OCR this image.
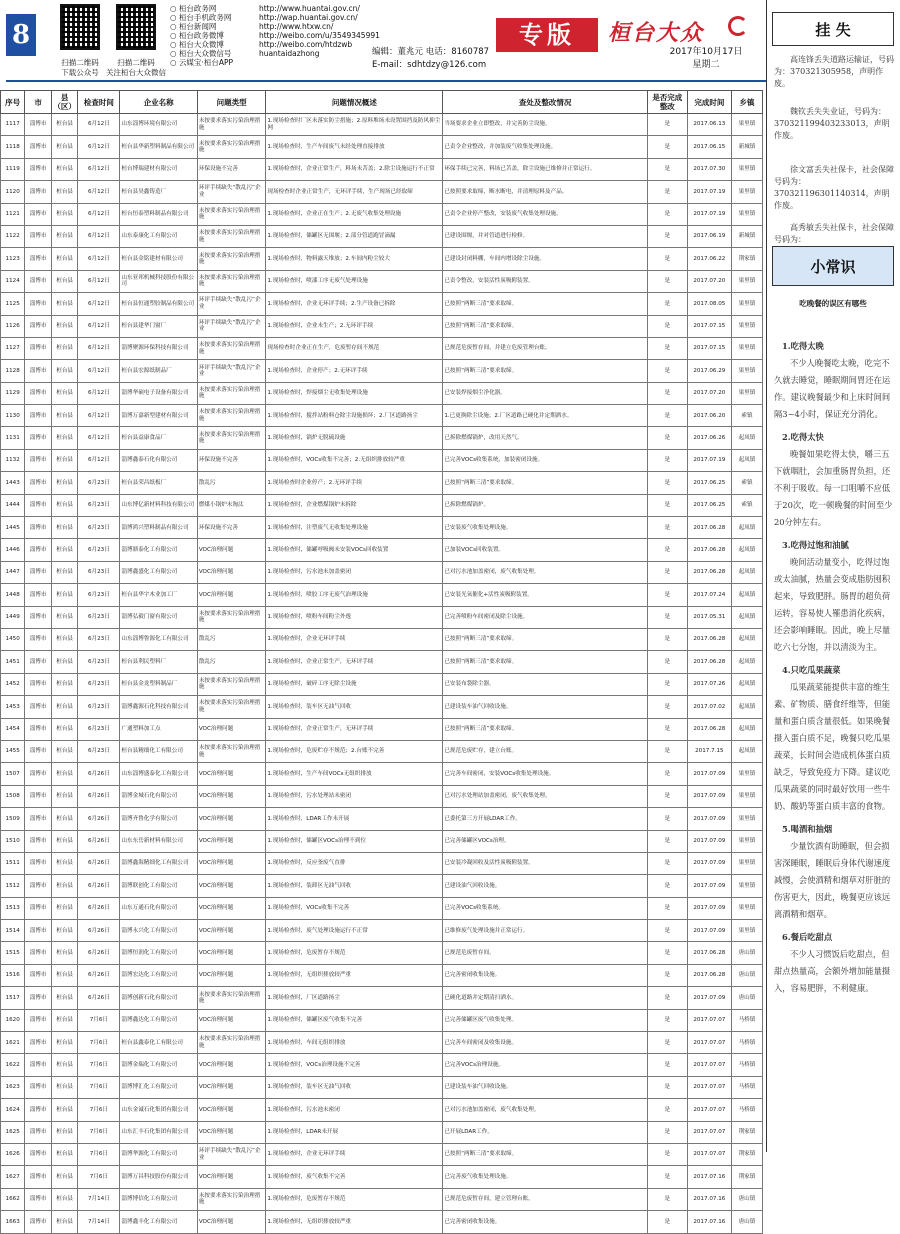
8
扫描二维码
下载公众号
扫描二维码
关注桓台大众微信
○ 桓台政务网	http://www.huantai.gov.cn/
○ 桓台手机政务网	http://wap.huantai.gov.cn/
○ 桓台新闻网	http://www.htxw.cn/
○ 桓台政务微博	http://weibo.com/u/3549345991
○ 桓台大众微博	http://weibo.com/htdzwb
○ 桓台大众微信号	huantaidazhong
○ 云媒宝·桓台APP
编辑：董兆元 电话：8160787
E-mail：sdhtdzy@126.com
专版	桓台大众
2017年10月17日
星期二
序号	市	县（区）	检查时间	企业名称	问题类型	问题情况概述	查处及整改情况	是否完成整改	完成时间	乡镇
1117	淄博市	桓台县	6月12日	山东淄博环境有限公司	未按要求落实污染治理措施	1.现场检查时厂区未落实防尘措施；2.原料堆场未设置围挡及防风抑尘网	当场要求企业立即整改，并完善防尘设施。	是	2017.06.13	果里镇
1118	淄博市	桓台县	6月12日	桓台县华新塑料制品有限公司	未按要求落实污染治理措施	1.现场检查时，生产车间废气未经处理直接排放	已责令企业整改，并加装废气收集处理设施。	是	2017.06.15	新城镇
1119	淄博市	桓台县	6月12日	桓台博瑞建材有限公司	环保设施不完善	1.现场检查时，企业正常生产，料场未苫盖；2.除尘设施运行不正常	环保手续已完善，料场已苫盖，除尘设施已维修并正常运行。	是	2017.07.30	果里镇
1120	淄博市	桓台县	6月12日	桓台县昊鑫铸造厂	环评手续缺失“散乱污”企业	现场检查时企业正常生产，无环评手续，生产现场已经取缔	已按照要求取缔，断水断电，并清理原料及产品。	是	2017.07.19	果里镇
1121	淄博市	桓台县	6月12日	桓台恒泰塑料制品有限公司	未按要求落实污染治理措施	1.现场检查时，企业正在生产；2.无废气收集处理设施	已责令企业停产整改，安装废气收集处理设施。	是	2017.07.19	果里镇
1122	淄博市	桓台县	6月12日	山东泰康化工有限公司	未按要求落实污染治理措施	1.现场检查时，储罐区无围堰；2.部分管道跑冒滴漏	已建设围堰，并对管道进行检修。	是	2017.06.19	新城镇
1123	淄博市	桓台县	6月12日	桓台县金铭建材有限公司	未按要求落实污染治理措施	1.现场检查时，物料露天堆放；2.车间内粉尘较大	已建设封闭料棚，车间内增设除尘设施。	是	2017.06.22	荆家镇
1124	淄博市	桓台县	6月12日	山东亚邦机械科技股份有限公司	未按要求落实污染治理措施	1.现场检查时，喷漆工序无废气处理设施	已责令整改，安装活性炭吸附装置。	是	2017.07.20	果里镇
1125	淄博市	桓台县	6月12日	桓台县恒通塑胶制品有限公司	环评手续缺失“散乱污”企业	1.现场检查时，企业无环评手续；2.生产设备已拆除	已按照“两断三清”要求取缔。	是	2017.08.05	果里镇
1126	淄博市	桓台县	6月12日	桓台县建华门窗厂	环评手续缺失“散乱污”企业	1.现场检查时，企业未生产；2.无环评手续	已按照“两断三清”要求取缔。	是	2017.07.15	果里镇
1127	淄博市	桓台县	6月12日	淄博聚源环保科技有限公司	未按要求落实污染治理措施	现场检查时企业正在生产，危废暂存间不规范	已规范危废暂存间，并建立危废管理台账。	是	2017.07.15	果里镇
1128	淄博市	桓台县	6月12日	桓台县宏源纸制品厂	环评手续缺失“散乱污”企业	1.现场检查时，企业停产；2.无环评手续	已按照“两断三清”要求取缔。	是	2017.06.29	果里镇
1129	淄博市	桓台县	6月12日	淄博华硕电子设备有限公司	未按要求落实污染治理措施	1.现场检查时，焊接烟尘无收集处理设施	已安装焊接烟尘净化器。	是	2017.07.20	果里镇
1130	淄博市	桓台县	6月12日	淄博万嘉新型建材有限公司	未按要求落实污染治理措施	1.现场检查时，搅拌站粉料仓除尘设施损坏；2.厂区道路扬尘	1.已更换除尘设施；2.厂区道路已硬化并定期洒水。	是	2017.06.20	索镇
1131	淄博市	桓台县	6月12日	桓台县益康食品厂	未按要求落实污染治理措施	1.现场检查时，锅炉无脱硫设施	已拆除燃煤锅炉，改用天然气。	是	2017.06.26	起凤镇
1132	淄博市	桓台县	6月12日	淄博鑫泰石化有限公司	环保设施不完善	1.现场检查时，VOCs收集不完善；2.无组织排放较严重	已完善VOCs收集系统，加装密闭设施。	是	2017.07.19	起凤镇
1443	淄博市	桓台县	6月23日	桓台县荣昌纸板厂	散乱污	1.现场检查时企业停产；2.无环评手续	已按照“两断三清”要求取缔。	是	2017.06.25	索镇
1444	淄博市	桓台县	6月23日	山东博亿新材料科技有限公司	燃煤小锅炉未淘汰	1.现场检查时，企业燃煤锅炉未拆除	已拆除燃煤锅炉。	是	2017.06.25	索镇
1445	淄博市	桓台县	6月23日	淄博鸿兴塑料制品有限公司	环保设施不完善	1.现场检查时，注塑废气无收集处理设施	已安装废气收集处理设施。	是	2017.06.28	起凤镇
1446	淄博市	桓台县	6月23日	淄博鼎泰化工有限公司	VOC治理问题	1.现场检查时，储罐呼吸阀未安装VOCs回收装置	已加装VOCs回收装置。	是	2017.06.28	起凤镇
1447	淄博市	桓台县	6月23日	淄博鑫盛化工有限公司	VOC治理问题	1.现场检查时，污水池未加盖密闭	已对污水池加盖密闭，废气收集处理。	是	2017.06.28	起凤镇
1448	淄博市	桓台县	6月23日	桓台县华宇木业加工厂	VOC治理问题	1.现场检查时，喷胶工序无废气治理设施	已安装光氧催化+活性炭吸附装置。	是	2017.07.24	起凤镇
1449	淄博市	桓台县	6月23日	淄博弘毅门窗有限公司	未按要求落实污染治理措施	1.现场检查时，喷粉车间粉尘外逸	已完善喷粉车间密闭及除尘设施。	是	2017.05.31	起凤镇
1450	淄博市	桓台县	6月23日	山东淄博鲁源化工有限公司	散乱污	1.现场检查时，企业无环评手续	已按照“两断三清”要求取缔。	是	2017.06.28	起凤镇
1451	淄博市	桓台县	6月23日	桓台县利民塑料厂	散乱污	1.现场检查时，企业正常生产，无环评手续	已按照“两断三清”要求取缔。	是	2017.06.28	起凤镇
1452	淄博市	桓台县	6月23日	桓台县金龙塑料制品厂	未按要求落实污染治理措施	1.现场检查时，破碎工序无除尘设施	已安装布袋除尘器。	是	2017.07.26	起凤镇
1453	淄博市	桓台县	6月23日	淄博鑫源石化科技有限公司	未按要求落实污染治理措施	1.现场检查时，装车区无油气回收	已建设装车油气回收设施。	是	2017.07.02	起凤镇
1454	淄博市	桓台县	6月23日	广通塑料加工点	VOC治理问题	1.现场检查时，企业正常生产，无环评手续	已按照“两断三清”要求取缔。	是	2017.06.28	起凤镇
1455	淄博市	桓台县	6月23日	桓台县精细化工有限公司	未按要求落实污染治理措施	1.现场检查时，危废贮存不规范；2.台账不完善	已规范危废贮存，建立台账。	是	2017.7.15	起凤镇
1507	淄博市	桓台县	6月26日	山东淄博盛泰化工有限公司	VOC治理问题	1.现场检查时，生产车间VOCs无组织排放	已完善车间密闭，安装VOCs收集处理设施。	是	2017.07.09	果里镇
1508	淄博市	桓台县	6月26日	淄博金城石化有限公司	VOC治理问题	1.现场检查时，污水处理站未密闭	已对污水处理站加盖密闭，废气收集处理。	是	2017.07.09	果里镇
1509	淄博市	桓台县	6月26日	淄博齐鲁化学有限公司	VOC治理问题	1.现场检查时，LDAR工作未开展	已委托第三方开展LDAR工作。	是	2017.07.09	果里镇
1510	淄博市	桓台县	6月26日	山东东岳新材料有限公司	VOC治理问题	1.现场检查时，储罐区VOCs治理不到位	已完善储罐区VOCs治理。	是	2017.07.09	果里镇
1511	淄博市	桓台县	6月26日	淄博鑫海精细化工有限公司	VOC治理问题	1.现场检查时，反应釜废气直排	已安装冷凝回收及活性炭吸附装置。	是	2017.07.09	果里镇
1512	淄博市	桓台县	6月26日	淄博联创化工有限公司	VOC治理问题	1.现场检查时，装卸区无油气回收	已建设油气回收设施。	是	2017.07.09	果里镇
1513	淄博市	桓台县	6月26日	山东万通石化有限公司	VOC治理问题	1.现场检查时，VOCs收集不完善	已完善VOCs收集系统。	是	2017.07.09	果里镇
1514	淄博市	桓台县	6月26日	淄博永兴化工有限公司	VOC治理问题	1.现场检查时，废气处理设施运行不正常	已维修废气处理设施并正常运行。	是	2017.07.09	果里镇
1515	淄博市	桓台县	6月26日	淄博恒润化工有限公司	VOC治理问题	1.现场检查时，危废暂存不规范	已规范危废暂存间。	是	2017.06.28	唐山镇
1516	淄博市	桓台县	6月26日	淄博宏达化工有限公司	VOC治理问题	1.现场检查时，无组织排放较严重	已完善密闭收集设施。	是	2017.06.28	唐山镇
1517	淄博市	桓台县	6月26日	淄博创新石化有限公司	未按要求落实污染治理措施	1.现场检查时，厂区道路扬尘	已硬化道路并定期清扫洒水。	是	2017.07.09	唐山镇
1620	淄博市	桓台县	7月6日	淄博鑫达化工有限公司	VOC治理问题	1.现场检查时，储罐区废气收集不完善	已完善储罐区废气收集处理。	是	2017.07.07	马桥镇
1621	淄博市	桓台县	7月6日	桓台县鑫泰化工有限公司	未按要求落实污染治理措施	1.现场检查时，车间无组织排放	已完善车间密闭及收集设施。	是	2017.07.07	马桥镇
1622	淄博市	桓台县	7月6日	淄博金瑞化工有限公司	VOC治理问题	1.现场检查时，VOCs治理设施不完善	已完善VOCs治理设施。	是	2017.07.07	马桥镇
1623	淄博市	桓台县	7月6日	淄博博汇化工有限公司	VOC治理问题	1.现场检查时，装车区无油气回收	已建设装车油气回收设施。	是	2017.07.07	马桥镇
1624	淄博市	桓台县	7月6日	山东金诚石化集团有限公司	VOC治理问题	1.现场检查时，污水池未密闭	已对污水池加盖密闭，废气收集处理。	是	2017.07.07	马桥镇
1625	淄博市	桓台县	7月6日	山东汇丰石化集团有限公司	VOC治理问题	1.现场检查时，LDAR未开展	已开展LDAR工作。	是	2017.07.07	荆家镇
1626	淄博市	桓台县	7月6日	淄博华源化工有限公司	环评手续缺失“散乱污”企业	1.现场检查时，企业无环评手续	已按照“两断三清”要求取缔。	是	2017.07.07	荆家镇
1627	淄博市	桓台县	7月6日	淄博万昌科技股份有限公司	VOC治理问题	1.现场检查时，废气收集不完善	已完善废气收集处理设施。	是	2017.07.16	荆家镇
1662	淄博市	桓台县	7月14日	淄博博信化工有限公司	未按要求落实污染治理措施	1.现场检查时，危废暂存不规范	已规范危废暂存间，建立管理台账。	是	2017.07.16	唐山镇
1663	淄博市	桓台县	7月14日	淄博鑫丰化工有限公司	VOC治理问题	1.现场检查时，无组织排放较严重	已完善密闭收集设施。	是	2017.07.16	唐山镇
挂 失
高连锋丢失道路运输证，号码为：370321305958，声明作废。
魏钦丢失失业证，号码为：370321199403233013，声明作废。
徐文富丢失社保卡，社会保障号码为：370321196301140314，声明作废。
高秀敏丢失社保卡，社会保障号码为：
小常识
吃晚餐的误区有哪些
1.吃得太晚
不少人晚餐吃太晚，吃完不久就去睡觉，睡眠期间胃还在运作。建议晚餐最少和上床时间间隔3~4小时，保证充分消化。
2.吃得太快
晚餐如果吃得太快，嚼三五下就咽肚，会加重肠胃负担，还不利于吸收。每一口咀嚼不应低于20次，吃一顿晚餐的时间至少20分钟左右。
3.吃得过饱和油腻
晚间活动量变小，吃得过饱或太油腻，热量会变成脂肪囤积起来，导致肥胖。肠胃的超负荷运转，容易使人罹患消化疾病，还会影响睡眠。因此，晚上尽量吃六七分饱，并以清淡为主。
4.只吃瓜果蔬菜
瓜果蔬菜能提供丰富的维生素、矿物质、膳食纤维等，但能量和蛋白质含量很低。如果晚餐摄入蛋白质不足，晚餐只吃瓜果蔬菜，长时间会造成机体蛋白质缺乏，导致免疫力下降。建议吃瓜果蔬菜的同时最好饮用一些牛奶、酸奶等蛋白质丰富的食物。
5.喝酒和抽烟
少量饮酒有助睡眠，但会损害深睡眠，睡眠后身体代谢速度减慢，会使酒精和烟草对肝脏的伤害更大，因此，晚餐更应该远离酒精和烟草。
6.餐后吃甜点
不少人习惯饭后吃甜点，但甜点热量高，会额外增加能量摄入，容易肥胖，不利健康。
